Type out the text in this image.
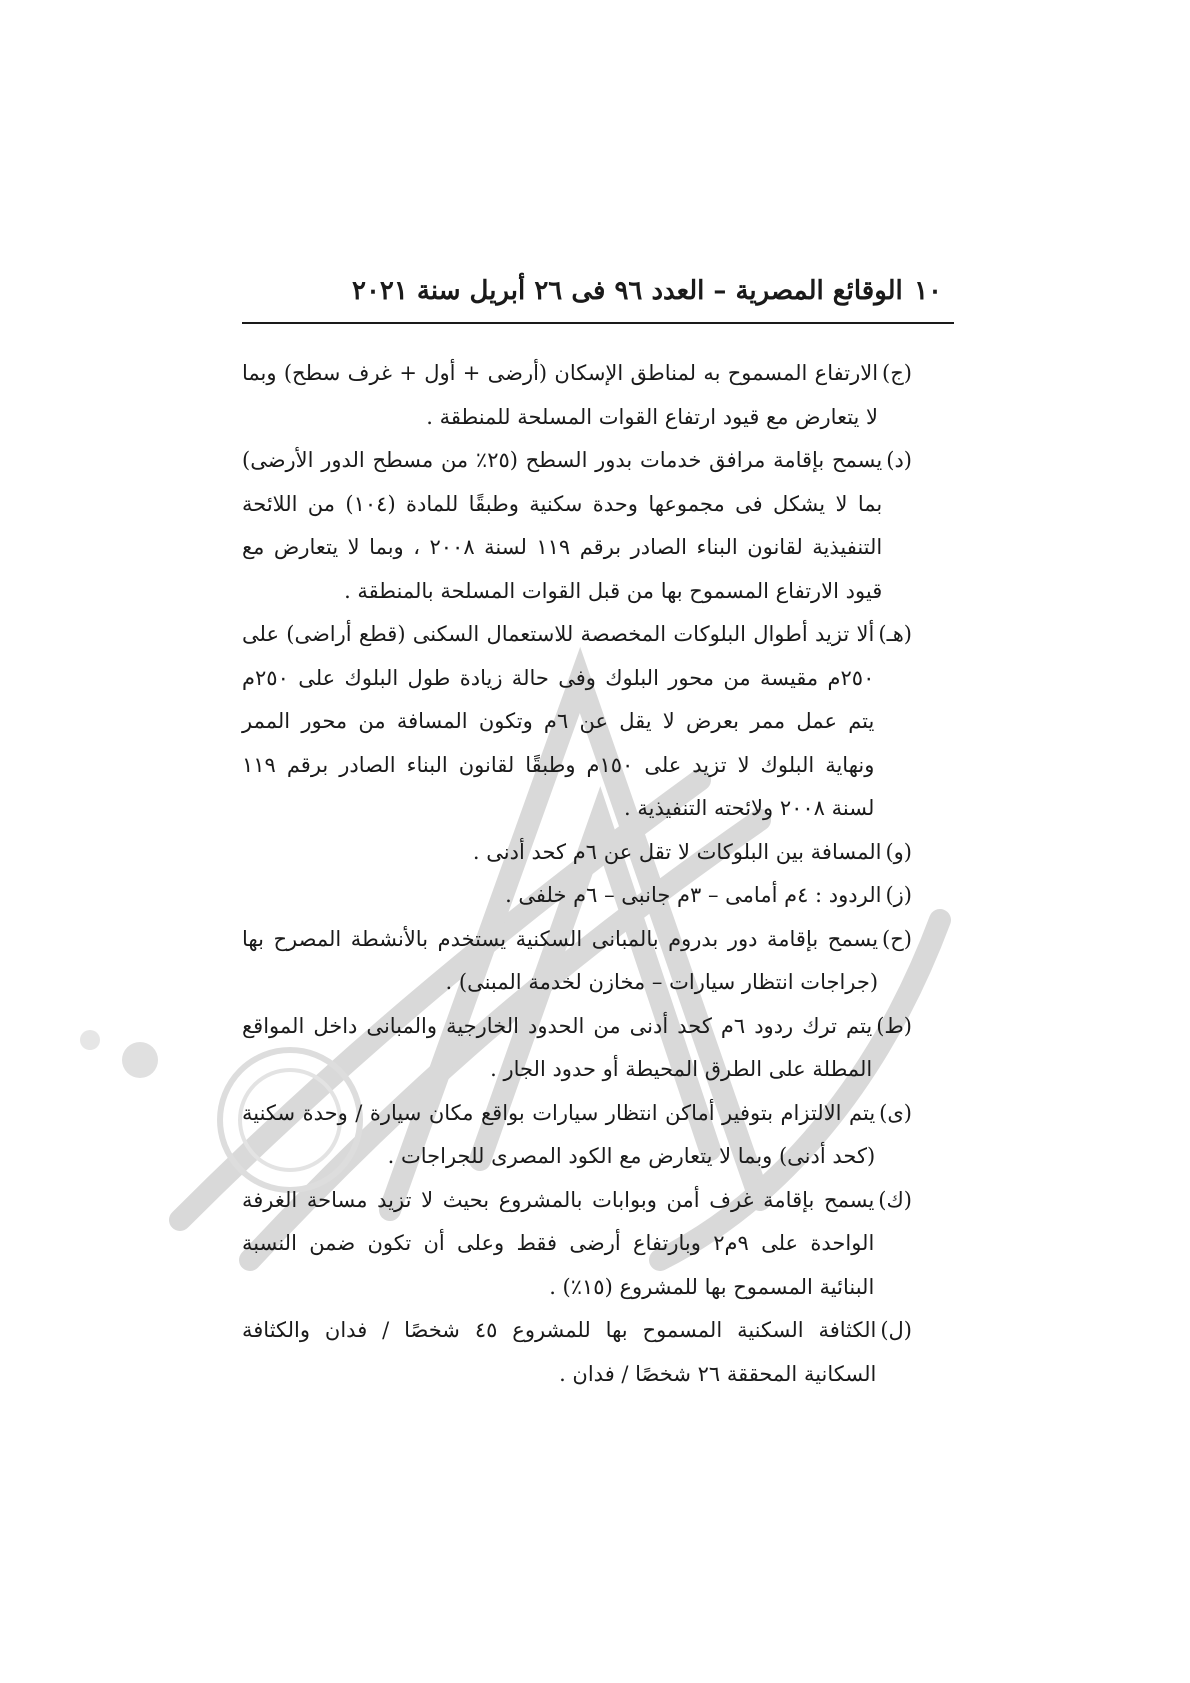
١٠
الوقائع المصرية – العدد ٩٦ فى ٢٦ أبريل سنة ٢٠٢١
(ج)
الارتفاع المسموح به لمناطق الإسكان (أرضى + أول + غرف سطح) وبما لا يتعارض مع قيود ارتفاع القوات المسلحة للمنطقة .
(د)
يسمح بإقامة مرافق خدمات بدور السطح (٢٥٪ من مسطح الدور الأرضى) بما لا يشكل فى مجموعها وحدة سكنية وطبقًا للمادة (١٠٤) من اللائحة التنفيذية لقانون البناء الصادر برقم ١١٩ لسنة ٢٠٠٨ ، وبما لا يتعارض مع قيود الارتفاع المسموح بها من قبل القوات المسلحة بالمنطقة .
(هـ)
ألا تزيد أطوال البلوكات المخصصة للاستعمال السكنى (قطع أراضى) على ٢٥٠م مقيسة من محور البلوك وفى حالة زيادة طول البلوك على ٢٥٠م يتم عمل ممر بعرض لا يقل عن ٦م وتكون المسافة من محور الممر ونهاية البلوك لا تزيد على ١٥٠م وطبقًا لقانون البناء الصادر برقم ١١٩ لسنة ٢٠٠٨ ولائحته التنفيذية .
(و)
المسافة بين البلوكات لا تقل عن ٦م كحد أدنى .
(ز)
الردود : ٤م أمامى – ٣م جانبى – ٦م خلفى .
(ح)
يسمح بإقامة دور بدروم بالمبانى السكنية يستخدم بالأنشطة المصرح بها (جراجات انتظار سيارات – مخازن لخدمة المبنى) .
(ط)
يتم ترك ردود ٦م كحد أدنى من الحدود الخارجية والمبانى داخل المواقع المطلة على الطرق المحيطة أو حدود الجار .
(ى)
يتم الالتزام بتوفير أماكن انتظار سيارات بواقع مكان سيارة / وحدة سكنية (كحد أدنى) وبما لا يتعارض مع الكود المصرى للجراجات .
(ك)
يسمح بإقامة غرف أمن وبوابات بالمشروع بحيث لا تزيد مساحة الغرفة الواحدة على ٩م٢ وبارتفاع أرضى فقط وعلى أن تكون ضمن النسبة البنائية المسموح بها للمشروع (١٥٪) .
(ل)
الكثافة السكنية المسموح بها للمشروع ٤٥ شخصًا / فدان والكثافة السكانية المحققة ٢٦ شخصًا / فدان .
